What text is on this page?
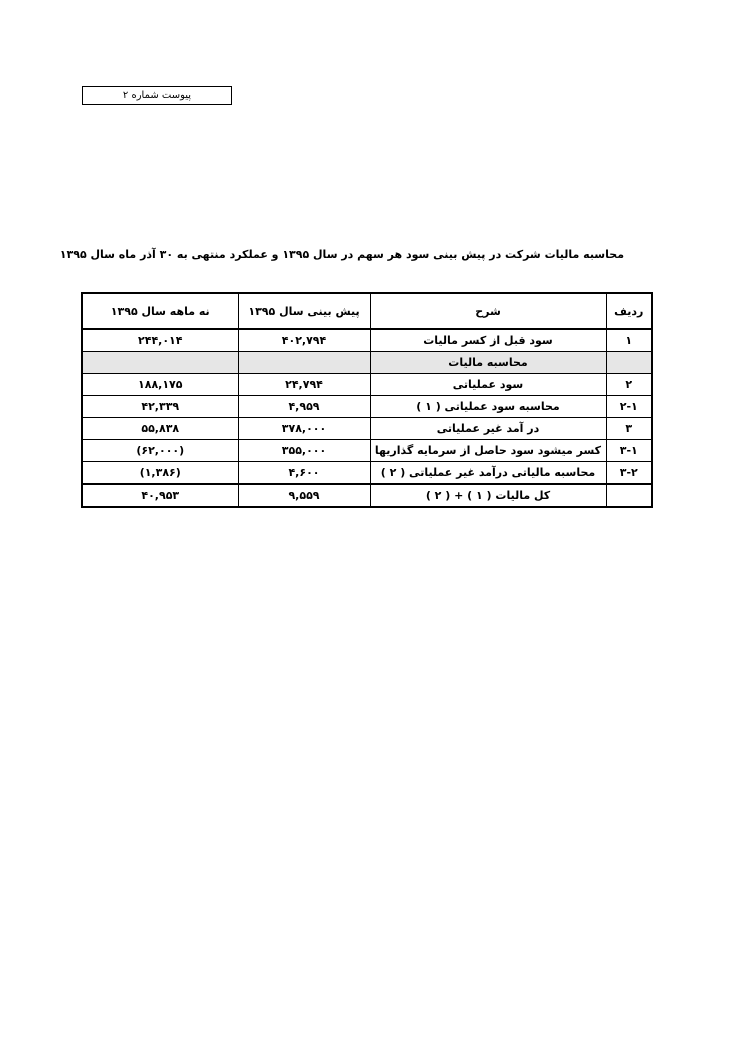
پیوست شماره ۲
محاسبه مالیات شرکت در پیش بینی سود هر سهم در سال ۱۳۹۵ و عملکرد منتهی به ۳۰ آذر ماه سال ۱۳۹۵
ردیف	شرح	پیش بینی سال ۱۳۹۵	نه ماهه سال ۱۳۹۵
۱	سود قبل از کسر مالیات	۴۰۲,۷۹۴	۲۴۴,۰۱۴
	محاسبه مالیات		
۲	سود عملیاتی	۲۴,۷۹۴	۱۸۸,۱۷۵
۲-۱	محاسبه سود عملیاتی ( ۱ )	۴,۹۵۹	۴۲,۳۳۹
۳	در آمد غیر عملیاتی	۳۷۸,۰۰۰	۵۵,۸۳۸
۳-۱	کسر میشود سود حاصل از سرمایه گذاریها	۳۵۵,۰۰۰	(۶۲,۰۰۰)
۳-۲	محاسبه مالیاتی درآمد غیر عملیاتی ( ۲ )	۴,۶۰۰	(۱,۳۸۶)
	کل مالیات ( ۱ ) + ( ۲ )	۹,۵۵۹	۴۰,۹۵۳
